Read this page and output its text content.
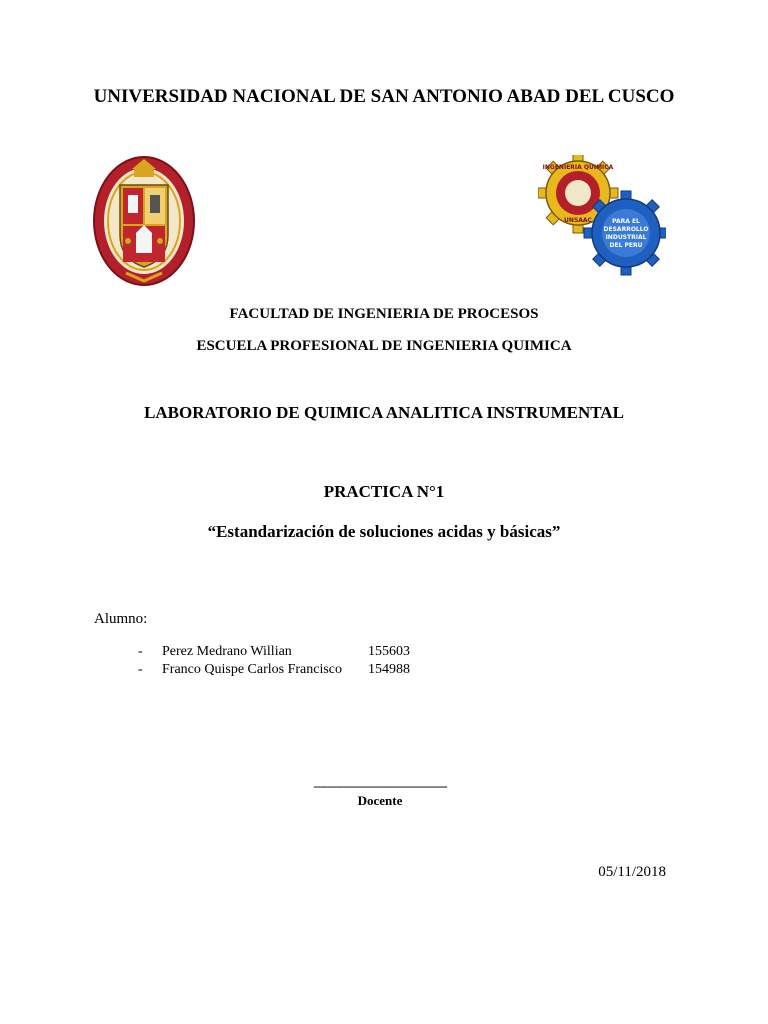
UNIVERSIDAD NACIONAL DE SAN ANTONIO ABAD DEL CUSCO
INGENIERIA QUIMICA
UNSAAC	PARA EL
DESARROLLO
INDUSTRIAL
DEL PERU
FACULTAD DE INGENIERIA DE PROCESOS
ESCUELA PROFESIONAL DE INGENIERIA QUIMICA
LABORATORIO DE QUIMICA ANALITICA INSTRUMENTAL
PRACTICA N°1
“Estandarización de soluciones acidas y básicas”
Alumno:
-	Perez Medrano Willian	155603
-	Franco Quispe Carlos Francisco	154988
----------------------------------------
Docente
05/11/2018
